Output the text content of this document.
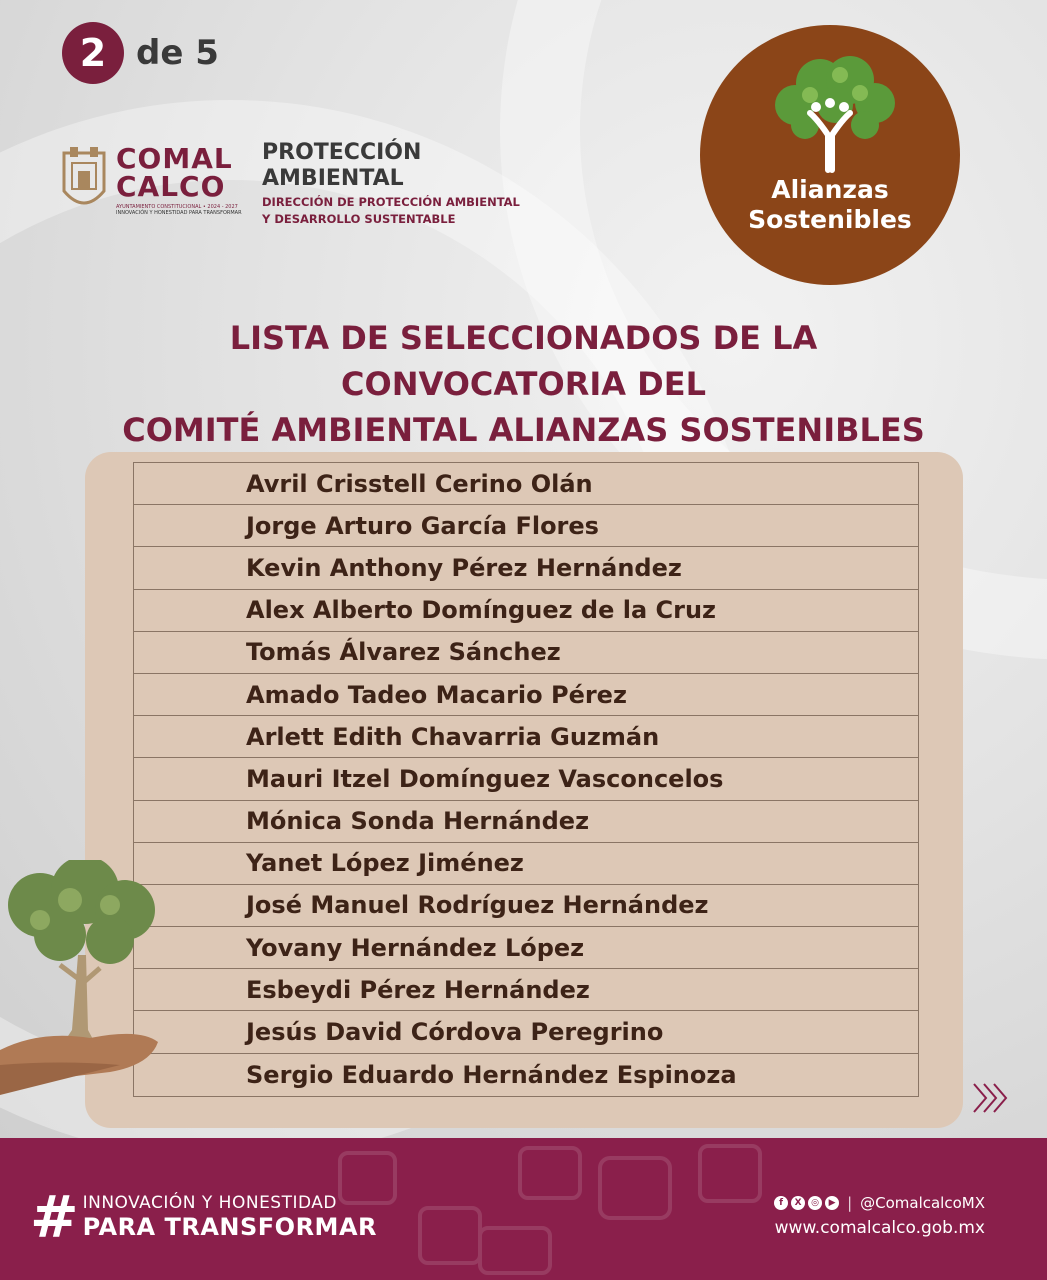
2 de 5
COMAL
CALCO
AYUNTAMIENTO CONSTITUCIONAL • 2024 - 2027
INNOVACIÓN Y HONESTIDAD PARA TRANSFORMAR
PROTECCIÓN
AMBIENTAL
DIRECCIÓN DE PROTECCIÓN AMBIENTAL
Y DESARROLLO SUSTENTABLE
Alianzas
Sostenibles
LISTA DE SELECCIONADOS DE LA
CONVOCATORIA DEL
COMITÉ AMBIENTAL ALIANZAS SOSTENIBLES
Avril Crisstell Cerino Olán
Jorge Arturo García Flores
Kevin Anthony Pérez Hernández
Alex Alberto Domínguez de la Cruz
Tomás Álvarez Sánchez
Amado Tadeo Macario Pérez
Arlett Edith Chavarria Guzmán
Mauri Itzel Domínguez Vasconcelos
Mónica Sonda Hernández
Yanet López Jiménez
José Manuel Rodríguez Hernández
Yovany Hernández López
Esbeydi Pérez Hernández
Jesús David Córdova Peregrino
Sergio Eduardo Hernández Espinoza
# INNOVACIÓN Y HONESTIDAD
PARA TRANSFORMAR
f	X	◎	▶ | @ComalcalcoMX
www.comalcalco.gob.mx
